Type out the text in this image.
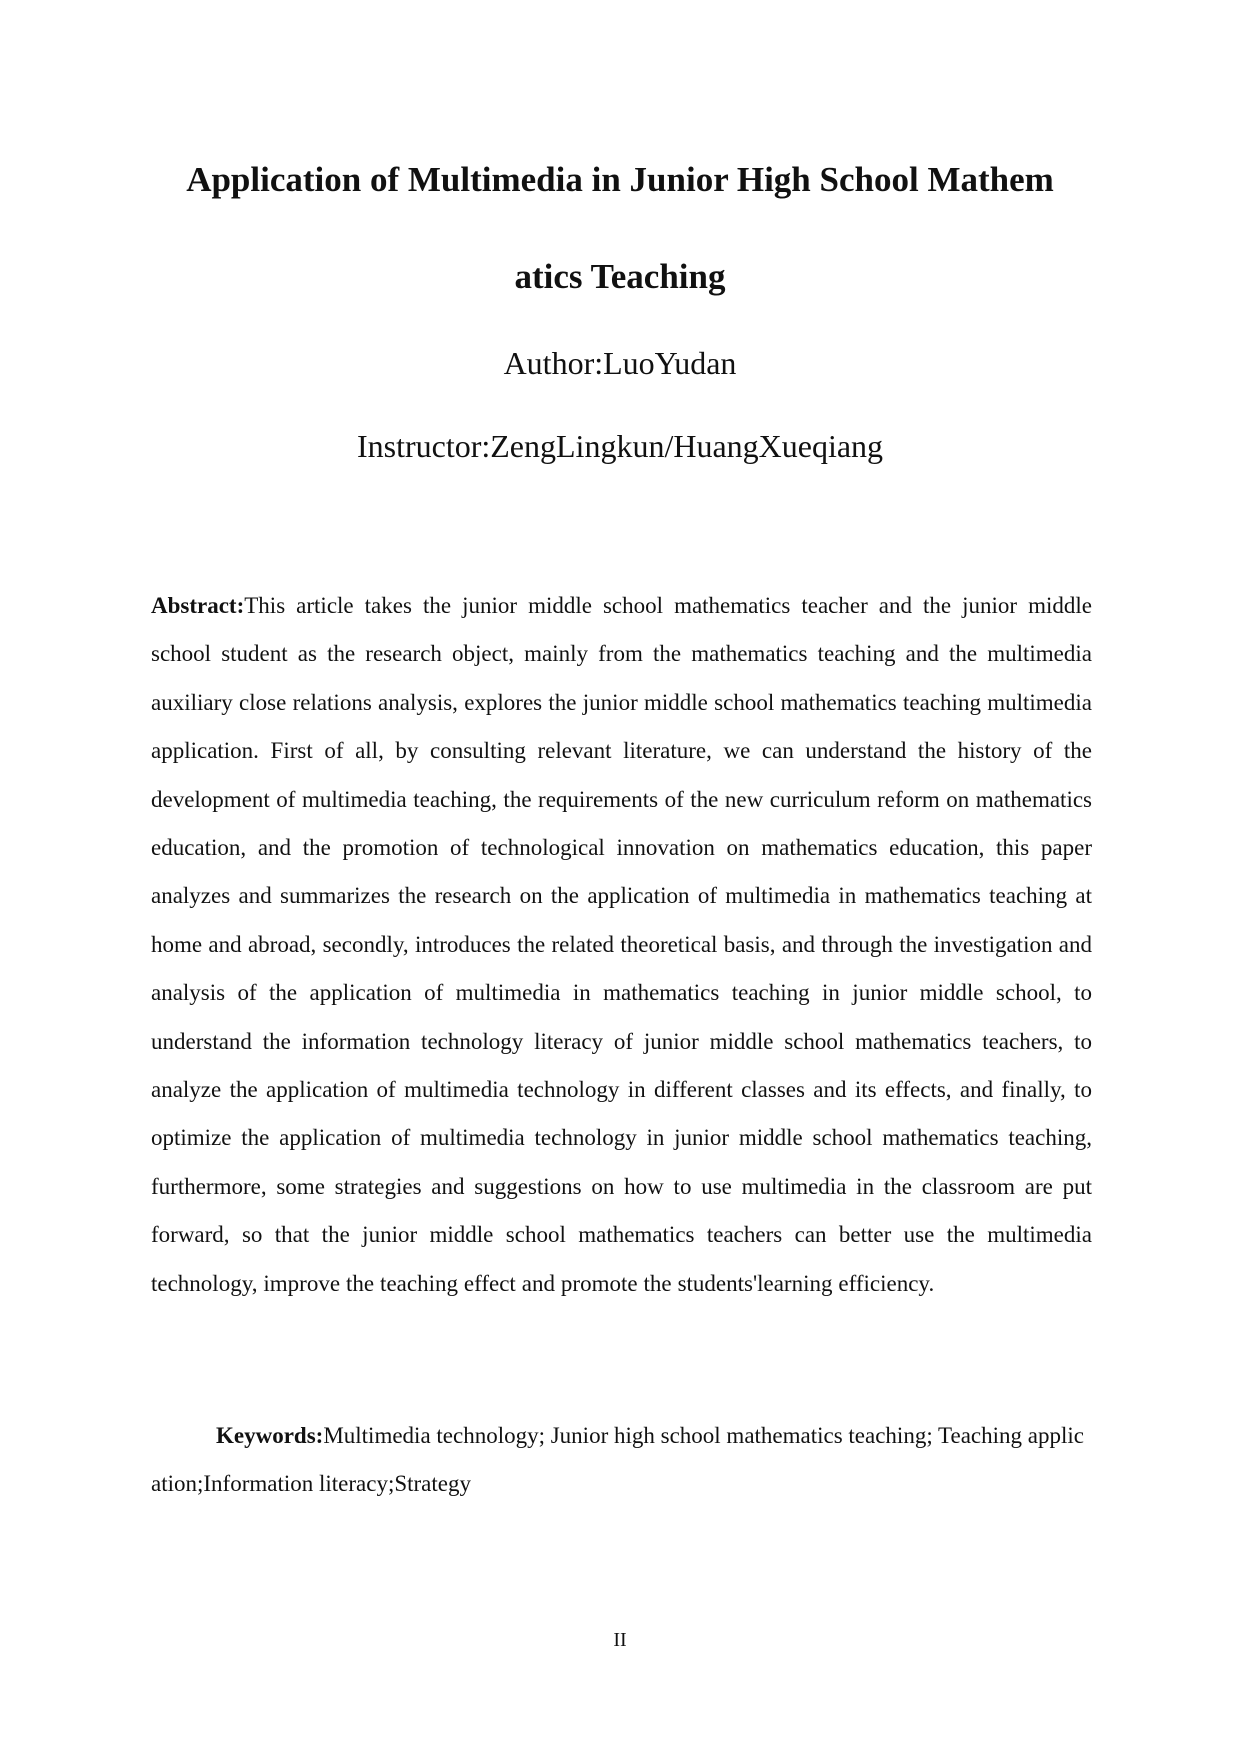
Application of Multimedia in Junior High School Mathem
atics Teaching

Author:LuoYudan

Instructor:ZengLingkun/HuangXueqiang

Abstract:This article takes the junior middle school mathematics teacher and the junior middle school student as the research object, mainly from the mathematics teaching and the multimedia auxiliary close relations analysis, explores the junior middle school mathematics teaching multimedia application. First of all, by consulting relevant literature, we can understand the history of the development of multimedia teaching, the requirements of the new curriculum reform on mathematics education, and the promotion of technological innovation on mathematics education, this paper analyzes and summarizes the research on the application of multimedia in mathematics teaching at home and abroad, secondly, introduces the related theoretical basis, and through the investigation and analysis of the application of multimedia in mathematics teaching in junior middle school, to understand the information technology literacy of junior middle school mathematics teachers, to analyze the application of multimedia technology in different classes and its effects, and finally, to optimize the application of multimedia technology in junior middle school mathematics teaching, furthermore, some strategies and suggestions on how to use multimedia in the classroom are put forward, so that the junior middle school mathematics teachers can better use the multimedia technology, improve the teaching effect and promote the students'learning efficiency.

Keywords:Multimedia technology; Junior high school mathematics teaching; Teaching application;Information literacy;Strategy

II
